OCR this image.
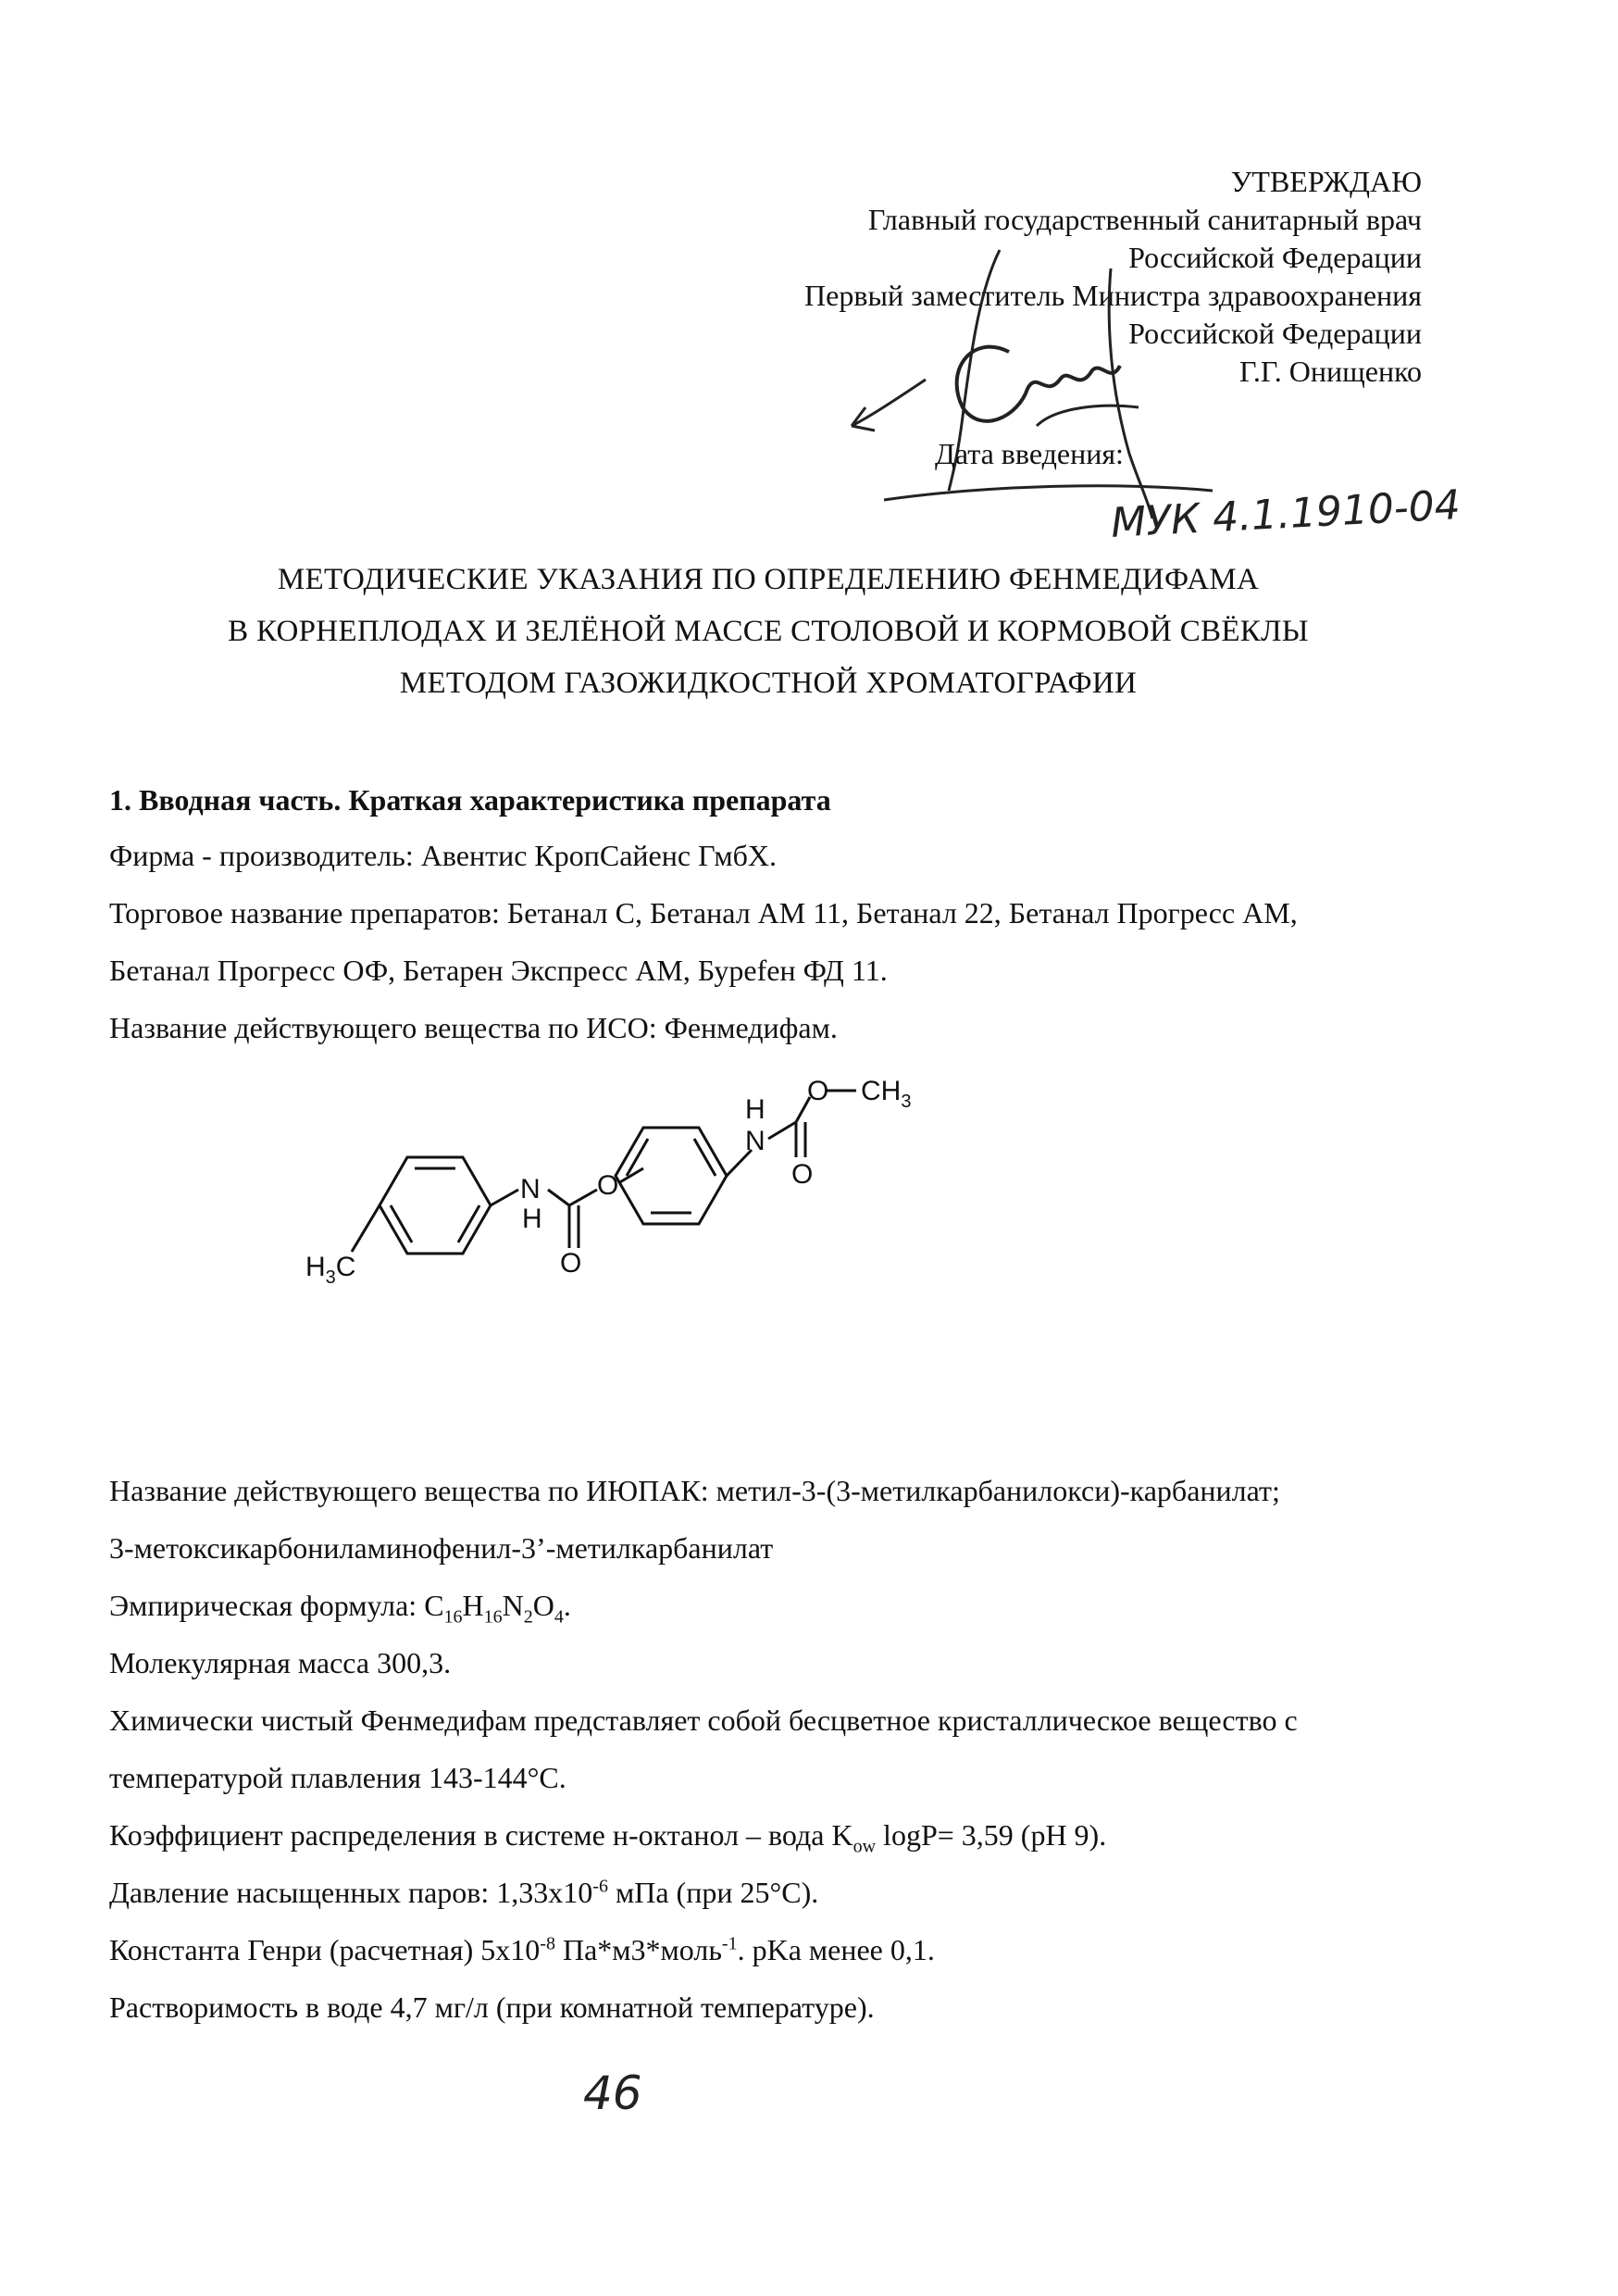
УТВЕРЖДАЮ
Главный государственный санитарный врач
Российской Федерации
Первый заместитель Министра здравоохранения
Российской Федерации
Г.Г. Онищенко
Дата введения:
МУК 4.1.1910-04
МЕТОДИЧЕСКИЕ УКАЗАНИЯ ПО ОПРЕДЕЛЕНИЮ ФЕНМЕДИФАМА
В КОРНЕПЛОДАХ И ЗЕЛЁНОЙ МАССЕ СТОЛОВОЙ И КОРМОВОЙ СВЁКЛЫ
МЕТОДОМ ГАЗОЖИДКОСТНОЙ ХРОМАТОГРАФИИ
1. Вводная часть. Краткая характеристика препарата
Фирма - производитель: Авентис КропСайенс ГмбХ.
Торговое название препаратов: Бетанал С, Бетанал АМ 11, Бетанал 22, Бетанал Прогресс АМ,
Бетанал Прогресс ОФ, Бетарен Экспресс АМ, Буреfен ФД 11.
Название действующего вещества по ИСО: Фенмедифам.
H
O $CH_3$
N
O
O
N
H
O
$H_3C$
Название действующего вещества по ИЮПАК: метил-3-(3-метилкарбанилокси)-карбанилат;
3-метоксикарбониламинофенил-3’-метилкарбанилат
Эмпирическая формула: $C_{16}H_{16}N_2O_4$.
Молекулярная масса 300,3.
Химически чистый Фенмедифам представляет собой бесцветное кристаллическое вещество с
температурой плавления 143-144°С.
Коэффициент распределения в системе н-октанол – вода $K_{ow}$ logP= 3,59 (pH 9).
Давление насыщенных паров: $1,33х10^{-6}$ мПа (при 25°С).
Константа Генри (расчетная) $5х10^{-8}$ Па*м3*моль$^{-1}$. pKa менее 0,1.
Растворимость в воде 4,7 мг/л (при комнатной температуре).
46
